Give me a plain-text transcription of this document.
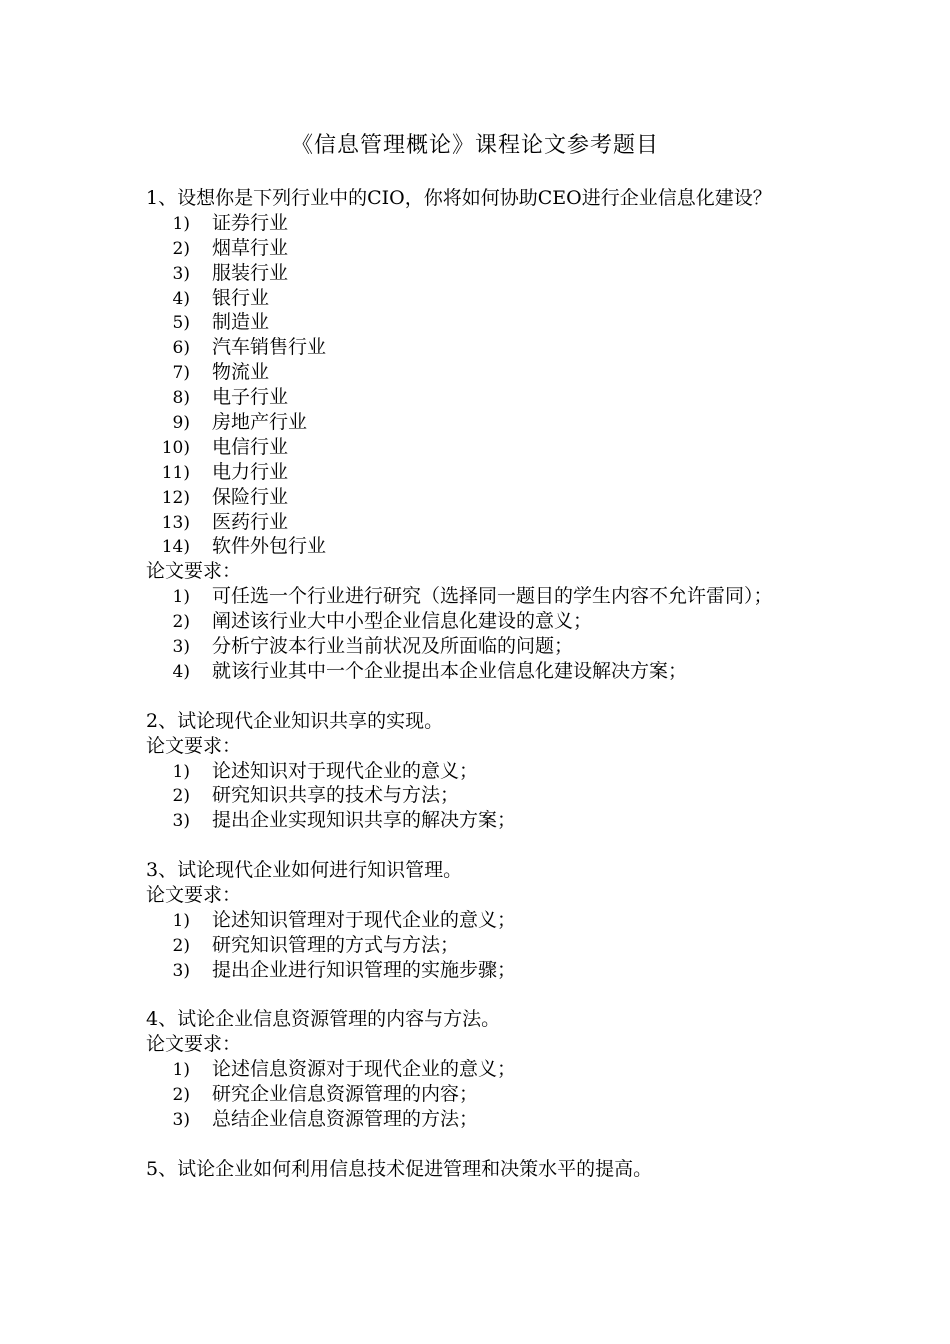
《信息管理概论》课程论文参考题目
1、设想你是下列行业中的CIO，你将如何协助CEO进行企业信息化建设？
1)	证券行业
2)	烟草行业
3)	服装行业
4)	银行业
5)	制造业
6)	汽车销售行业
7)	物流业
8)	电子行业
9)	房地产行业
10)	电信行业
11)	电力行业
12)	保险行业
13)	医药行业
14)	软件外包行业
论文要求：
1)	可任选一个行业进行研究（选择同一题目的学生内容不允许雷同）；
2)	阐述该行业大中小型企业信息化建设的意义；
3)	分析宁波本行业当前状况及所面临的问题；
4)	就该行业其中一个企业提出本企业信息化建设解决方案；
2、试论现代企业知识共享的实现。
论文要求：
1)	论述知识对于现代企业的意义；
2)	研究知识共享的技术与方法；
3)	提出企业实现知识共享的解决方案；
3、试论现代企业如何进行知识管理。
论文要求：
1)	论述知识管理对于现代企业的意义；
2)	研究知识管理的方式与方法；
3)	提出企业进行知识管理的实施步骤；
4、试论企业信息资源管理的内容与方法。
论文要求：
1)	论述信息资源对于现代企业的意义；
2)	研究企业信息资源管理的内容；
3)	总结企业信息资源管理的方法；
5、试论企业如何利用信息技术促进管理和决策水平的提高。
